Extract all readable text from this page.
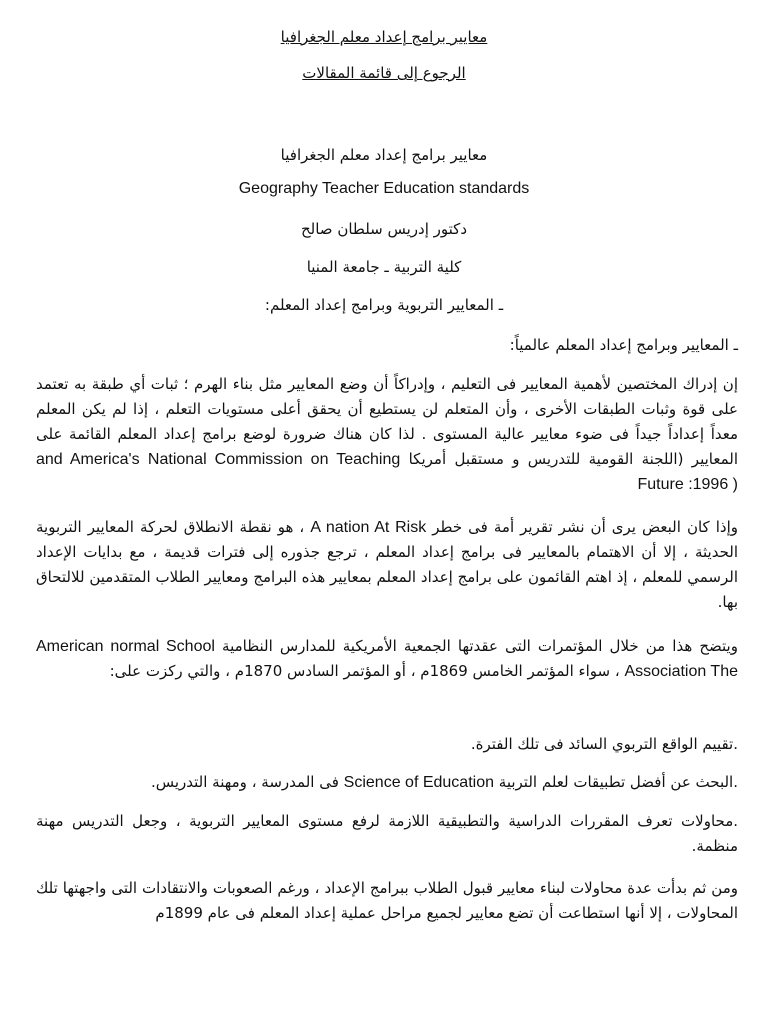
معايير برامج إعداد معلم الجغرافيا
الرجوع إلى قائمة المقالات
معايير برامج إعداد معلم الجغرافيا
Geography Teacher Education standards
دكتور إدريس سلطان صالح
كلية التربية ـ جامعة المنيا
ـ المعايير التربوية وبرامج إعداد المعلم:
ـ المعايير وبرامج إعداد المعلم عالمياً:
إن إدراك المختصين لأهمية المعايير فى التعليم ، وإدراكاً أن وضع المعايير مثل بناء الهرم ؛ ثبات أي طبقة به تعتمد على قوة وثبات الطبقات الأخرى ، وأن المتعلم لن يستطيع أن يحقق أعلى مستويات التعلم ، إذا لم يكن المعلم معداً إعداداً جيداً فى ضوء معايير عالية المستوى . لذا كان هناك ضرورة لوضع برامج إعداد المعلم القائمة على المعايير (اللجنة القومية للتدريس و مستقبل أمريكا National Commission on Teaching and America's Future :1996 )
وإذا كان البعض يرى أن نشر تقرير أمة فى خطر A nation At Risk ، هو نقطة الانطلاق لحركة المعايير التربوية الحديثة ، إلا أن الاهتمام بالمعايير فى برامج إعداد المعلم ، ترجع جذوره إلى فترات قديمة ، مع بدايات الإعداد الرسمي للمعلم ، إذ اهتم القائمون على برامج إعداد المعلم بمعايير هذه البرامج ومعايير الطلاب المتقدمين للالتحاق بها.
ويتضح هذا من خلال المؤتمرات التى عقدتها الجمعية الأمريكية للمدارس النظامية American normal School Association The ، سواء المؤتمر الخامس 1869م ، أو المؤتمر السادس 1870م ، والتي ركزت على:
.تقييم الواقع التربوي السائد فى تلك الفترة.
.البحث عن أفضل تطبيقات لعلم التربية Science of Education فى المدرسة ، ومهنة التدريس.
.محاولات تعرف المقررات الدراسية والتطبيقية اللازمة لرفع مستوى المعايير التربوية ، وجعل التدريس مهنة منظمة.
ومن ثم بدأت عدة محاولات لبناء معايير قبول الطلاب ببرامج الإعداد ، ورغم الصعوبات والانتقادات التى واجهتها تلك المحاولات ، إلا أنها استطاعت أن تضع معايير لجميع مراحل عملية إعداد المعلم فى عام 1899م
